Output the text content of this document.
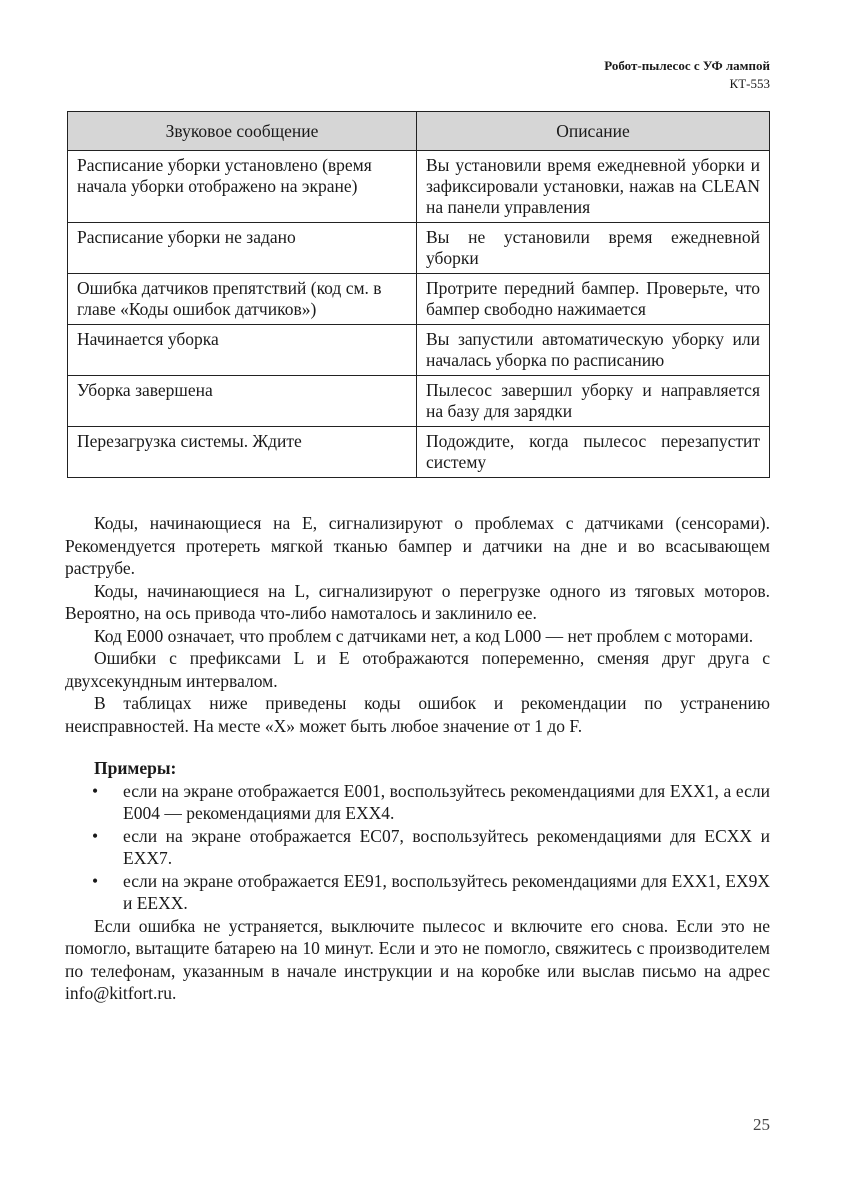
Робот-пылесос с УФ лампой
КТ-553
Звуковое сообщение	Описание
Расписание уборки установлено (время начала уборки отображено на экране)	Вы установили время ежедневной уборки и зафиксировали установки, нажав на CLEAN на панели управления
Расписание уборки не задано	Вы не установили время ежедневной уборки
Ошибка датчиков препятствий (код см. в главе «Коды ошибок датчиков»)	Протрите передний бампер. Проверьте, что бампер свободно нажимается
Начинается уборка	Вы запустили автоматическую уборку или началась уборка по расписанию
Уборка завершена	Пылесос завершил уборку и направляется на базу для зарядки
Перезагрузка системы. Ждите	Подождите, когда пылесос перезапустит систему

Коды, начинающиеся на E, сигнализируют о проблемах с датчиками (сенсорами). Рекомендуется протереть мягкой тканью бампер и датчики на дне и во всасывающем раструбе.

Коды, начинающиеся на L, сигнализируют о перегрузке одного из тяговых моторов. Вероятно, на ось привода что-либо намоталось и заклинило ее.

Код E000 означает, что проблем с датчиками нет, а код L000 — нет проблем с моторами.

Ошибки с префиксами L и E отображаются попеременно, сменяя друг друга с двухсекундным интервалом.

В таблицах ниже приведены коды ошибок и рекомендации по устранению неисправностей. На месте «X» может быть любое значение от 1 до F.

Примеры:
• если на экране отображается E001, воспользуйтесь рекомендациями для EXX1, а если E004 — рекомендациями для EXX4.
• если на экране отображается EC07, воспользуйтесь рекомендациями для ECXX и EXX7.
• если на экране отображается EE91, воспользуйтесь рекомендациями для EXX1, EX9X и EEXX.

Если ошибка не устраняется, выключите пылесос и включите его снова. Если это не помогло, вытащите батарею на 10 минут. Если и это не помогло, свяжитесь с производителем по телефонам, указанным в начале инструкции и на коробке или выслав письмо на адрес info@kitfort.ru.

25
